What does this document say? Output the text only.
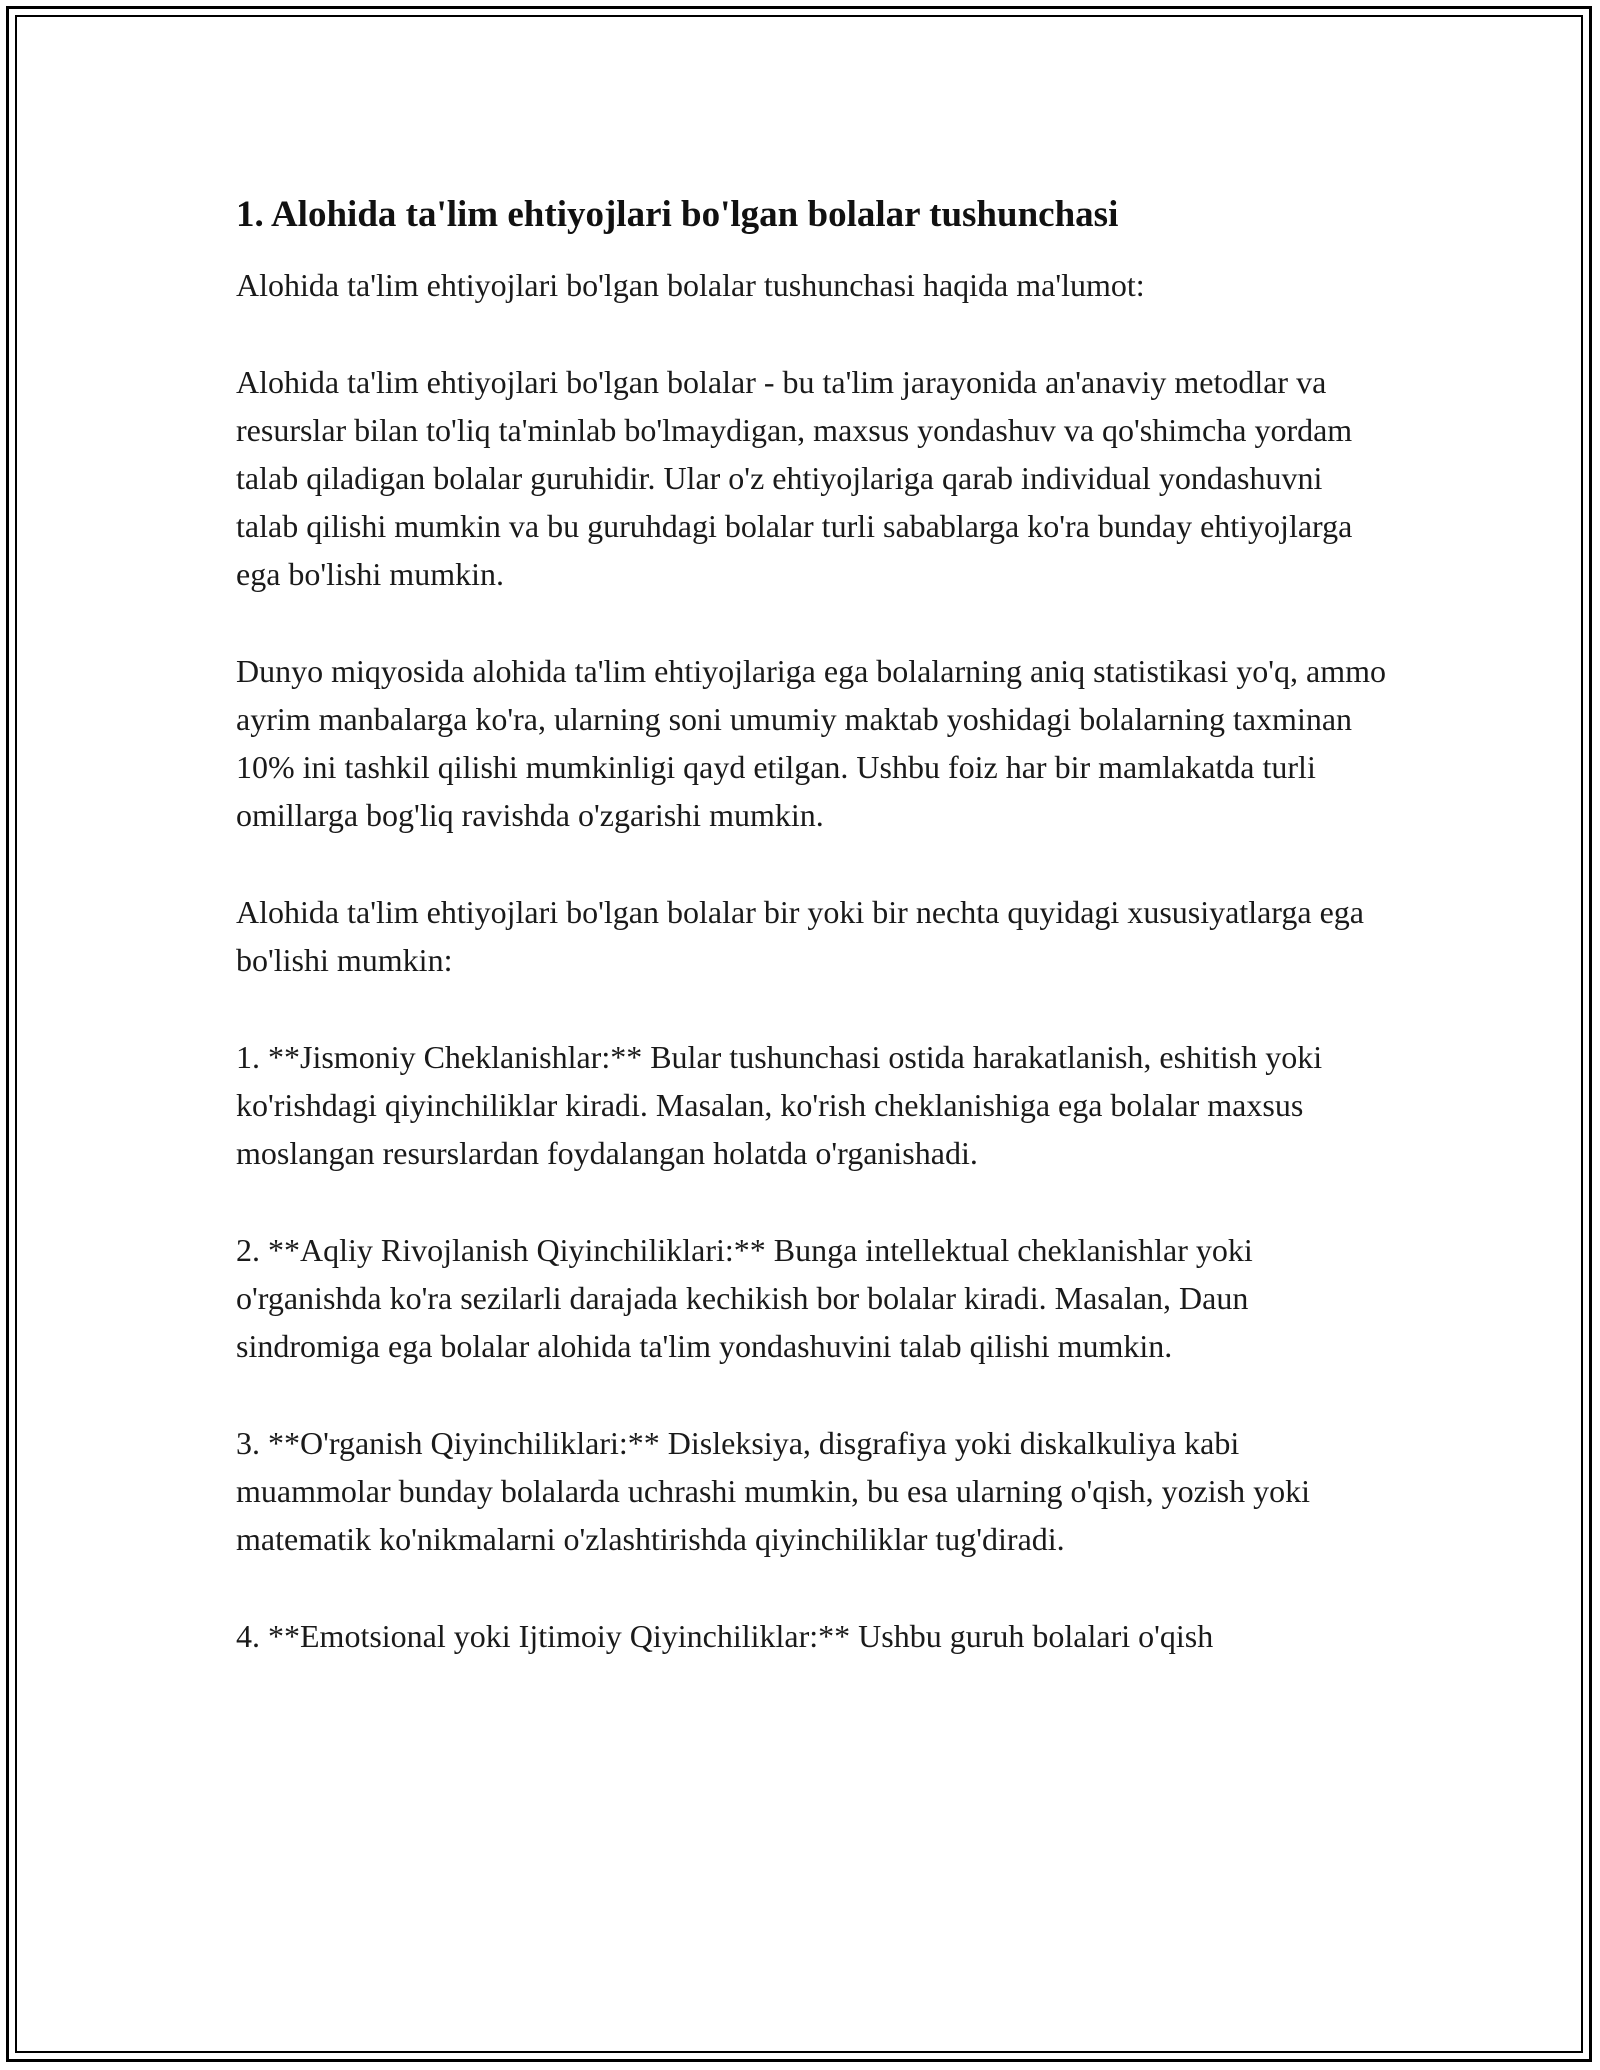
1. Alohida ta'lim ehtiyojlari bo'lgan bolalar tushunchasi

Alohida ta'lim ehtiyojlari bo'lgan bolalar tushunchasi haqida ma'lumot:

Alohida ta'lim ehtiyojlari bo'lgan bolalar - bu ta'lim jarayonida an'anaviy metodlar va resurslar bilan to'liq ta'minlab bo'lmaydigan, maxsus yondashuv va qo'shimcha yordam talab qiladigan bolalar guruhidir. Ular o'z ehtiyojlariga qarab individual yondashuvni talab qilishi mumkin va bu guruhdagi bolalar turli sabablarga ko'ra bunday ehtiyojlarga ega bo'lishi mumkin.

Dunyo miqyosida alohida ta'lim ehtiyojlariga ega bolalarning aniq statistikasi yo'q, ammo ayrim manbalarga ko'ra, ularning soni umumiy maktab yoshidagi bolalarning taxminan 10% ini tashkil qilishi mumkinligi qayd etilgan. Ushbu foiz har bir mamlakatda turli omillarga bog'liq ravishda o'zgarishi mumkin.

Alohida ta'lim ehtiyojlari bo'lgan bolalar bir yoki bir nechta quyidagi xususiyatlarga ega bo'lishi mumkin:

1. **Jismoniy Cheklanishlar:** Bular tushunchasi ostida harakatlanish, eshitish yoki ko'rishdagi qiyinchiliklar kiradi. Masalan, ko'rish cheklanishiga ega bolalar maxsus moslangan resurslardan foydalangan holatda o'rganishadi.

2. **Aqliy Rivojlanish Qiyinchiliklari:** Bunga intellektual cheklanishlar yoki o'rganishda ko'ra sezilarli darajada kechikish bor bolalar kiradi. Masalan, Daun sindromiga ega bolalar alohida ta'lim yondashuvini talab qilishi mumkin.

3. **O'rganish Qiyinchiliklari:** Disleksiya, disgrafiya yoki diskalkuliya kabi muammolar bunday bolalarda uchrashi mumkin, bu esa ularning o'qish, yozish yoki matematik ko'nikmalarni o'zlashtirishda qiyinchiliklar tug'diradi.

4. **Emotsional yoki Ijtimoiy Qiyinchiliklar:** Ushbu guruh bolalari o'qish
